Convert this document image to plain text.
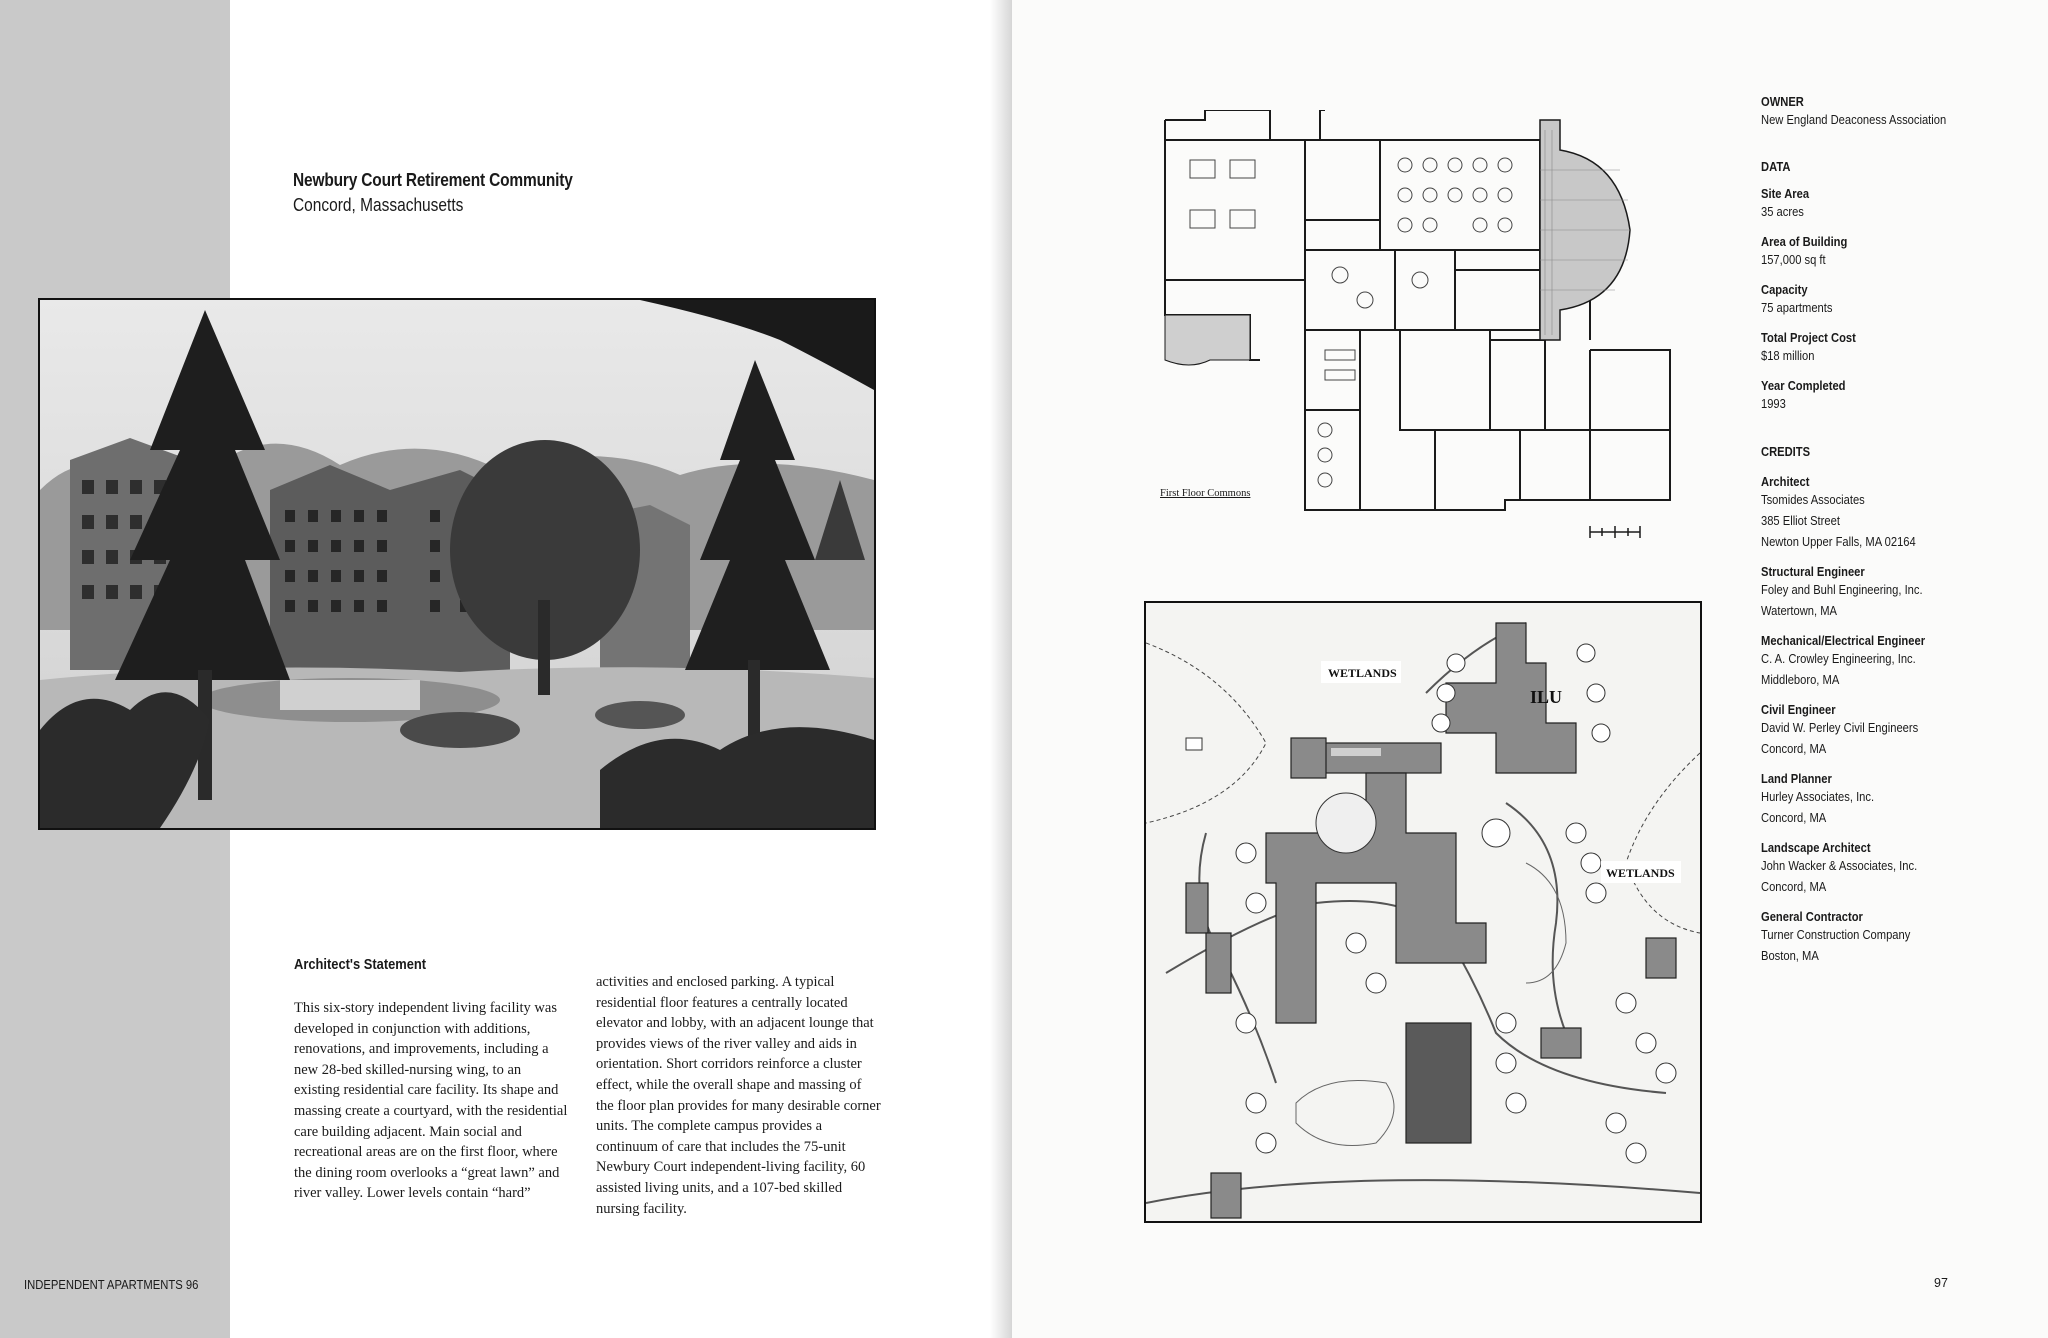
Newbury Court Retirement Community
Concord, Massachusetts
Architect's Statement

This six-story independent living facility was developed in conjunction with additions, renovations, and improvements, including a new 28-bed skilled-nursing wing, to an existing residential care facility. Its shape and massing create a courtyard, with the residential care building adjacent. Main social and recreational areas are on the first floor, where the dining room overlooks a “great lawn” and river valley. Lower levels contain “hard”

activities and enclosed parking. A typical residential floor features a centrally located elevator and lobby, with an adjacent lounge that provides views of the river valley and aids in orientation. Short corridors reinforce a cluster effect, while the overall shape and massing of the floor plan provides for many desirable corner units. The complete campus provides a continuum of care that includes the 75-unit Newbury Court independent-living facility, 60 assisted living units, and a 107-bed skilled nursing facility.

INDEPENDENT APARTMENTS 96
First Floor Commons
WETLANDS
WETLANDS
ILU
OWNER
New England Deaconess Association
DATA
Site Area
35 acres
Area of Building
157,000 sq ft
Capacity
75 apartments
Total Project Cost
$18 million
Year Completed
1993
CREDITS
Architect
Tsomides Associates
385 Elliot Street
Newton Upper Falls, MA 02164
Structural Engineer
Foley and Buhl Engineering, Inc.
Watertown, MA
Mechanical/Electrical Engineer
C. A. Crowley Engineering, Inc.
Middleboro, MA
Civil Engineer
David W. Perley Civil Engineers
Concord, MA
Land Planner
Hurley Associates, Inc.
Concord, MA
Landscape Architect
John Wacker & Associates, Inc.
Concord, MA
General Contractor
Turner Construction Company
Boston, MA
97
